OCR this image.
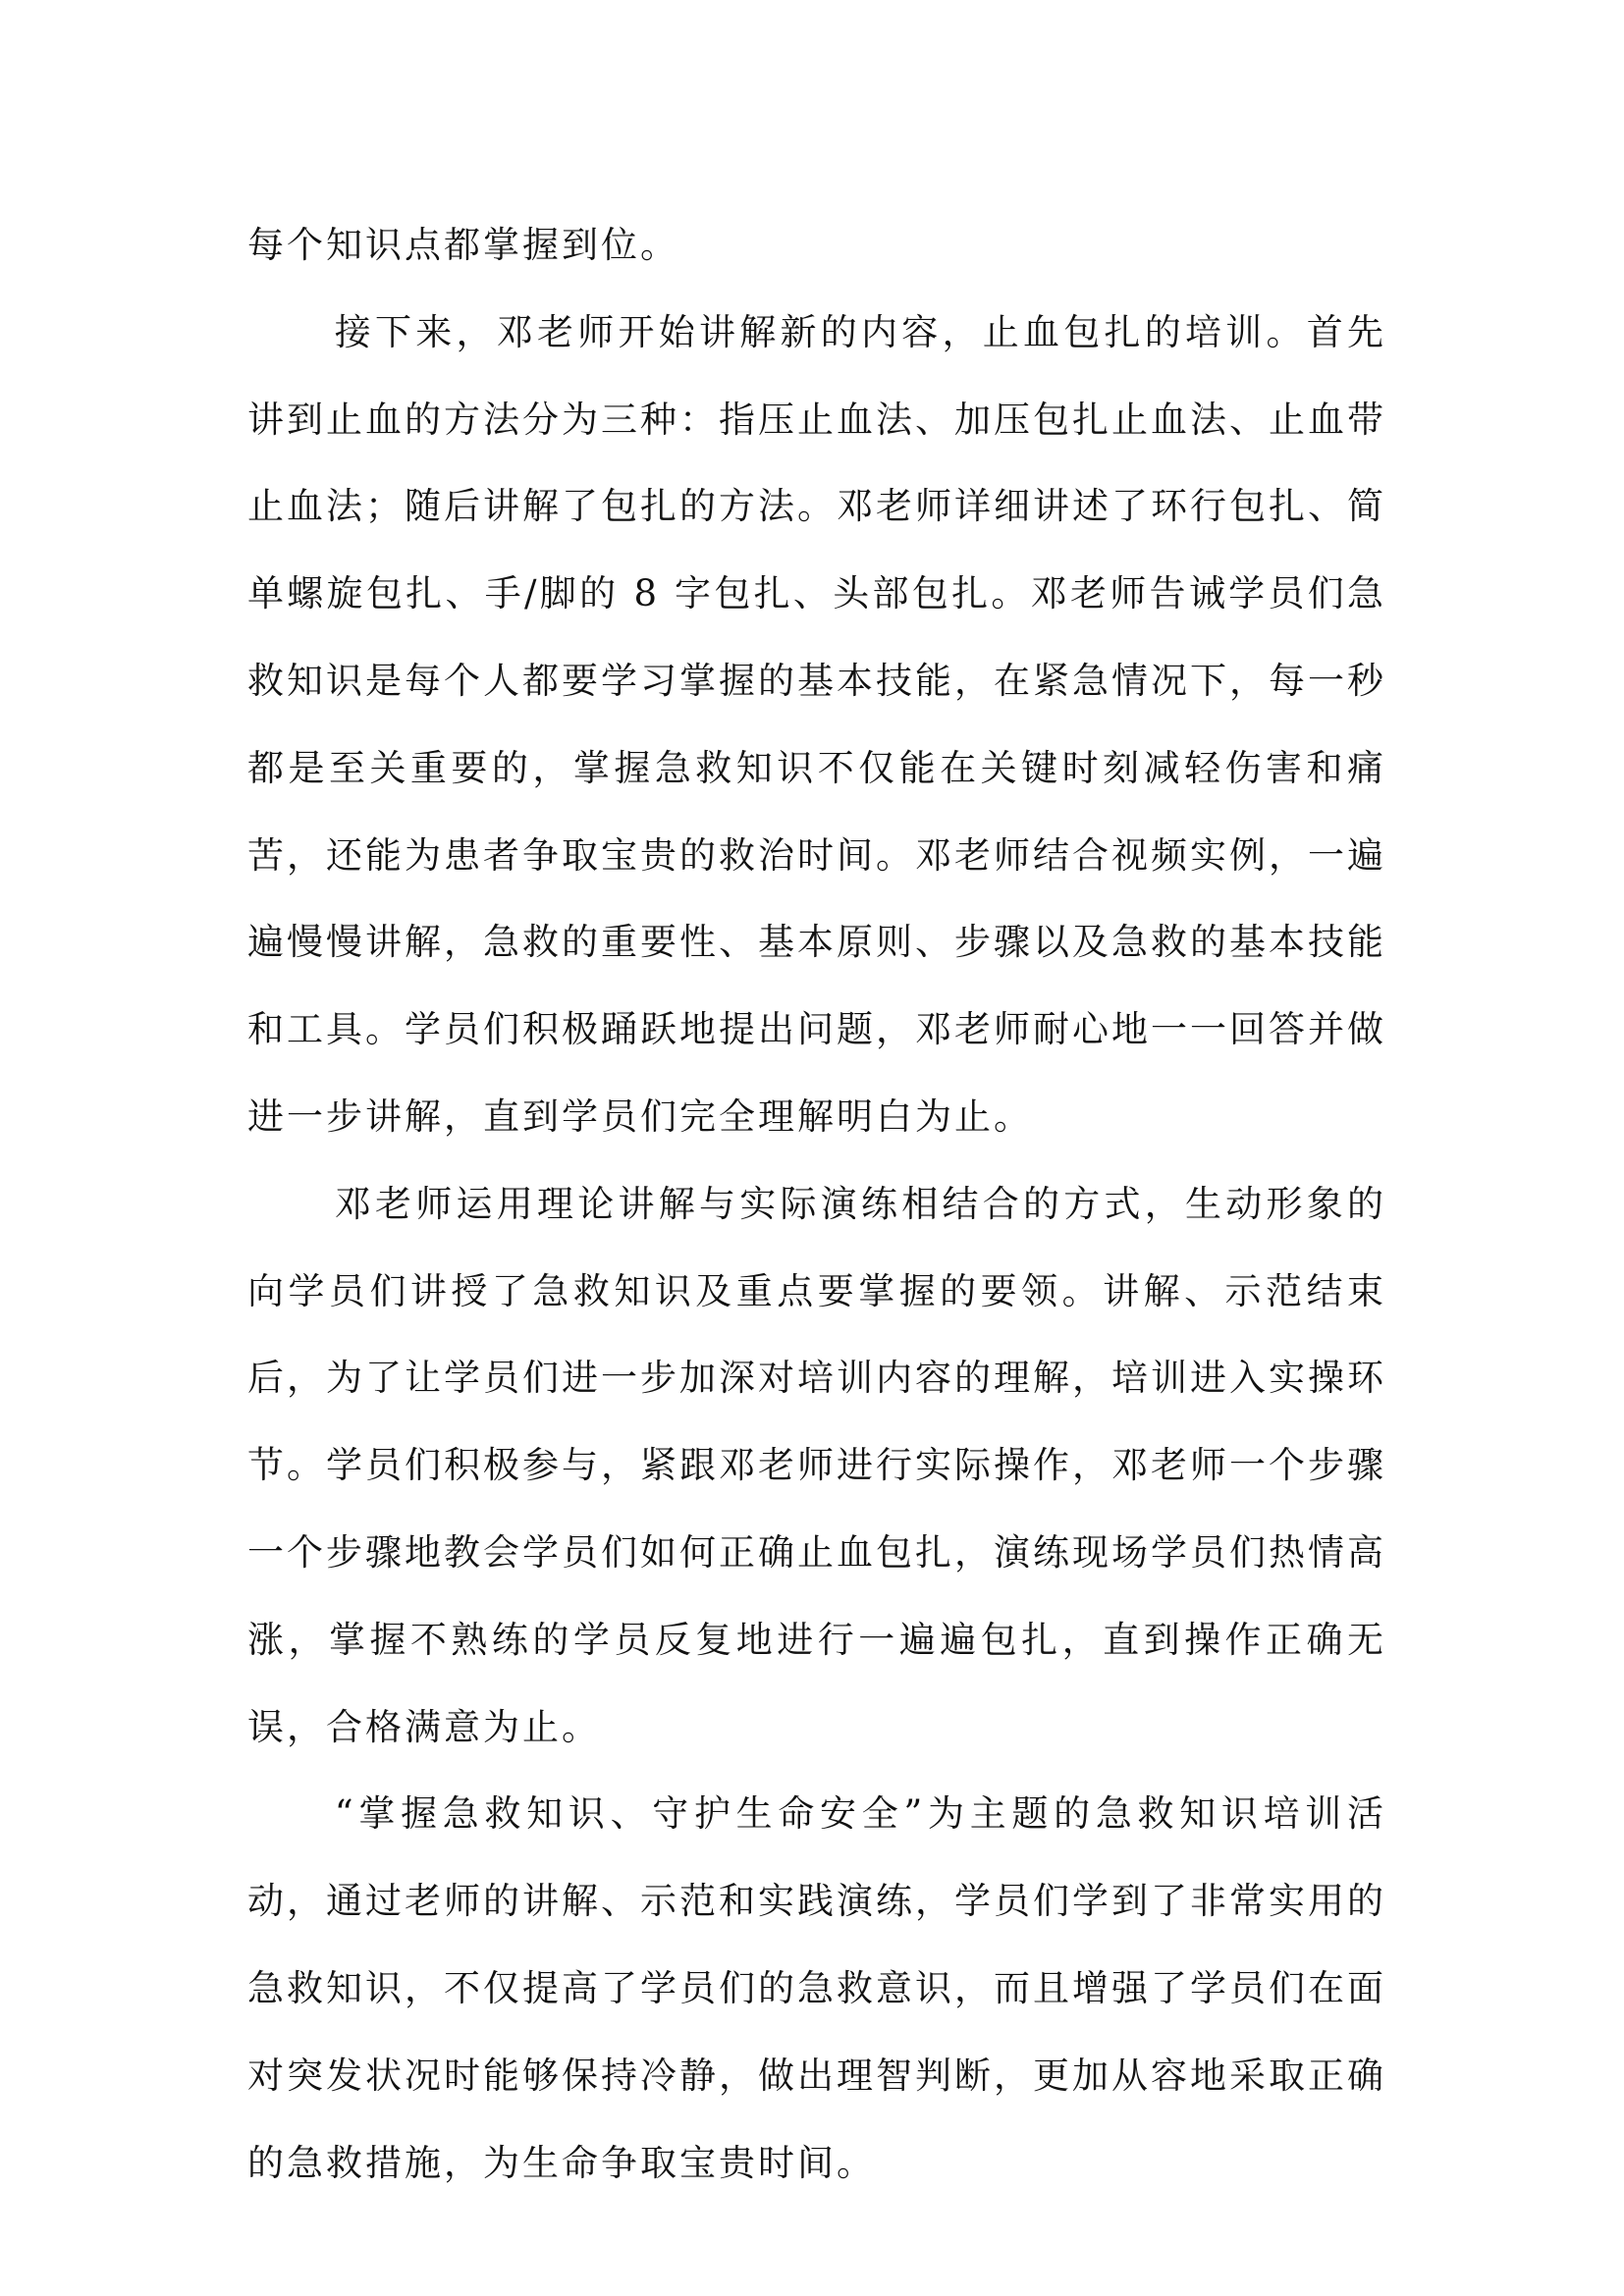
每个知识点都掌握到位。

接下来，邓老师开始讲解新的内容，止血包扎的培训。首先讲到止血的方法分为三种：指压止血法、加压包扎止血法、止血带止血法；随后讲解了包扎的方法。邓老师详细讲述了环行包扎、简单螺旋包扎、手/脚的 8 字包扎、头部包扎。邓老师告诫学员们急救知识是每个人都要学习掌握的基本技能，在紧急情况下，每一秒都是至关重要的，掌握急救知识不仅能在关键时刻减轻伤害和痛苦，还能为患者争取宝贵的救治时间。邓老师结合视频实例，一遍遍慢慢讲解，急救的重要性、基本原则、步骤以及急救的基本技能和工具。学员们积极踊跃地提出问题，邓老师耐心地一一回答并做进一步讲解，直到学员们完全理解明白为止。

邓老师运用理论讲解与实际演练相结合的方式，生动形象的向学员们讲授了急救知识及重点要掌握的要领。讲解、示范结束后，为了让学员们进一步加深对培训内容的理解，培训进入实操环节。学员们积极参与，紧跟邓老师进行实际操作，邓老师一个步骤一个步骤地教会学员们如何正确止血包扎，演练现场学员们热情高涨，掌握不熟练的学员反复地进行一遍遍包扎，直到操作正确无误，合格满意为止。

“掌握急救知识、守护生命安全”为主题的急救知识培训活动，通过老师的讲解、示范和实践演练，学员们学到了非常实用的急救知识，不仅提高了学员们的急救意识，而且增强了学员们在面对突发状况时能够保持冷静，做出理智判断，更加从容地采取正确的急救措施，为生命争取宝贵时间。
